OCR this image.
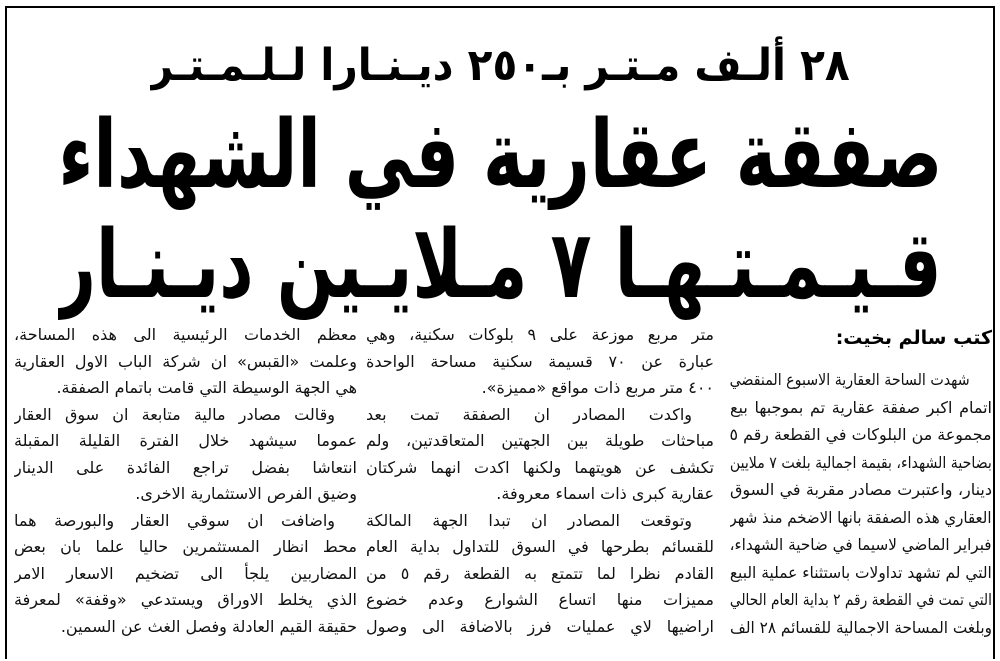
٢٨ ألـف مـتـر بـ٢٥٠ ديـنـارا لـلـمـتـر
صفقة عقارية في الشهداء
قـيـمـتـهـا ٧ مـلايـين ديـنـار
كتب سالم بخيت:
شهدت الساحة العقارية الاسبوع المنقضي
اتمام اكبر صفقة عقارية تم بموجبها بيع
مجموعة من البلوكات في القطعة رقم ٥
بضاحية الشهداء، بقيمة اجمالية بلغت ٧ ملايين
دينار، واعتبرت مصادر مقربة في السوق
العقاري هذه الصفقة بانها الاضخم منذ شهر
فبراير الماضي لاسيما في ضاحية الشهداء،
التي لم تشهد تداولات باستثناء عملية البيع
التي تمت في القطعة رقم ٢ بداية العام الحالي
وبلغت المساحة الاجمالية للقسائم ٢٨ الف
متر مربع موزعة على ٩ بلوكات سكنية، وهي
عبارة عن ٧٠ قسيمة سكنية مساحة الواحدة
٤٠٠ متر مربع ذات مواقع «مميزة».
واكدت المصادر ان الصفقة تمت بعد
مباحثات طويلة بين الجهتين المتعاقدتين، ولم
تكشف عن هويتهما ولكنها اكدت انهما شركتان
عقارية كبرى ذات اسماء معروفة.
وتوقعت المصادر ان تبدا الجهة المالكة
للقسائم بطرحها في السوق للتداول بداية العام
القادم نظرا لما تتمتع به القطعة رقم ٥ من
مميزات منها اتساع الشوارع وعدم خضوع
اراضيها لاي عمليات فرز بالاضافة الى وصول
معظم الخدمات الرئيسية الى هذه المساحة،
وعلمت «القبس» ان شركة الباب الاول العقارية
هي الجهة الوسيطة التي قامت باتمام الصفقة.
وقالت مصادر مالية متابعة ان سوق العقار
عموما سيشهد خلال الفترة القليلة المقبلة
انتعاشا بفضل تراجع الفائدة على الدينار
وضيق الفرص الاستثمارية الاخرى.
واضافت ان سوقي العقار والبورصة هما
محط انظار المستثمرين حاليا علما بان بعض
المضاربين يلجأ الى تضخيم الاسعار الامر
الذي يخلط الاوراق ويستدعي «وقفة» لمعرفة
حقيقة القيم العادلة وفصل الغث عن السمين.
